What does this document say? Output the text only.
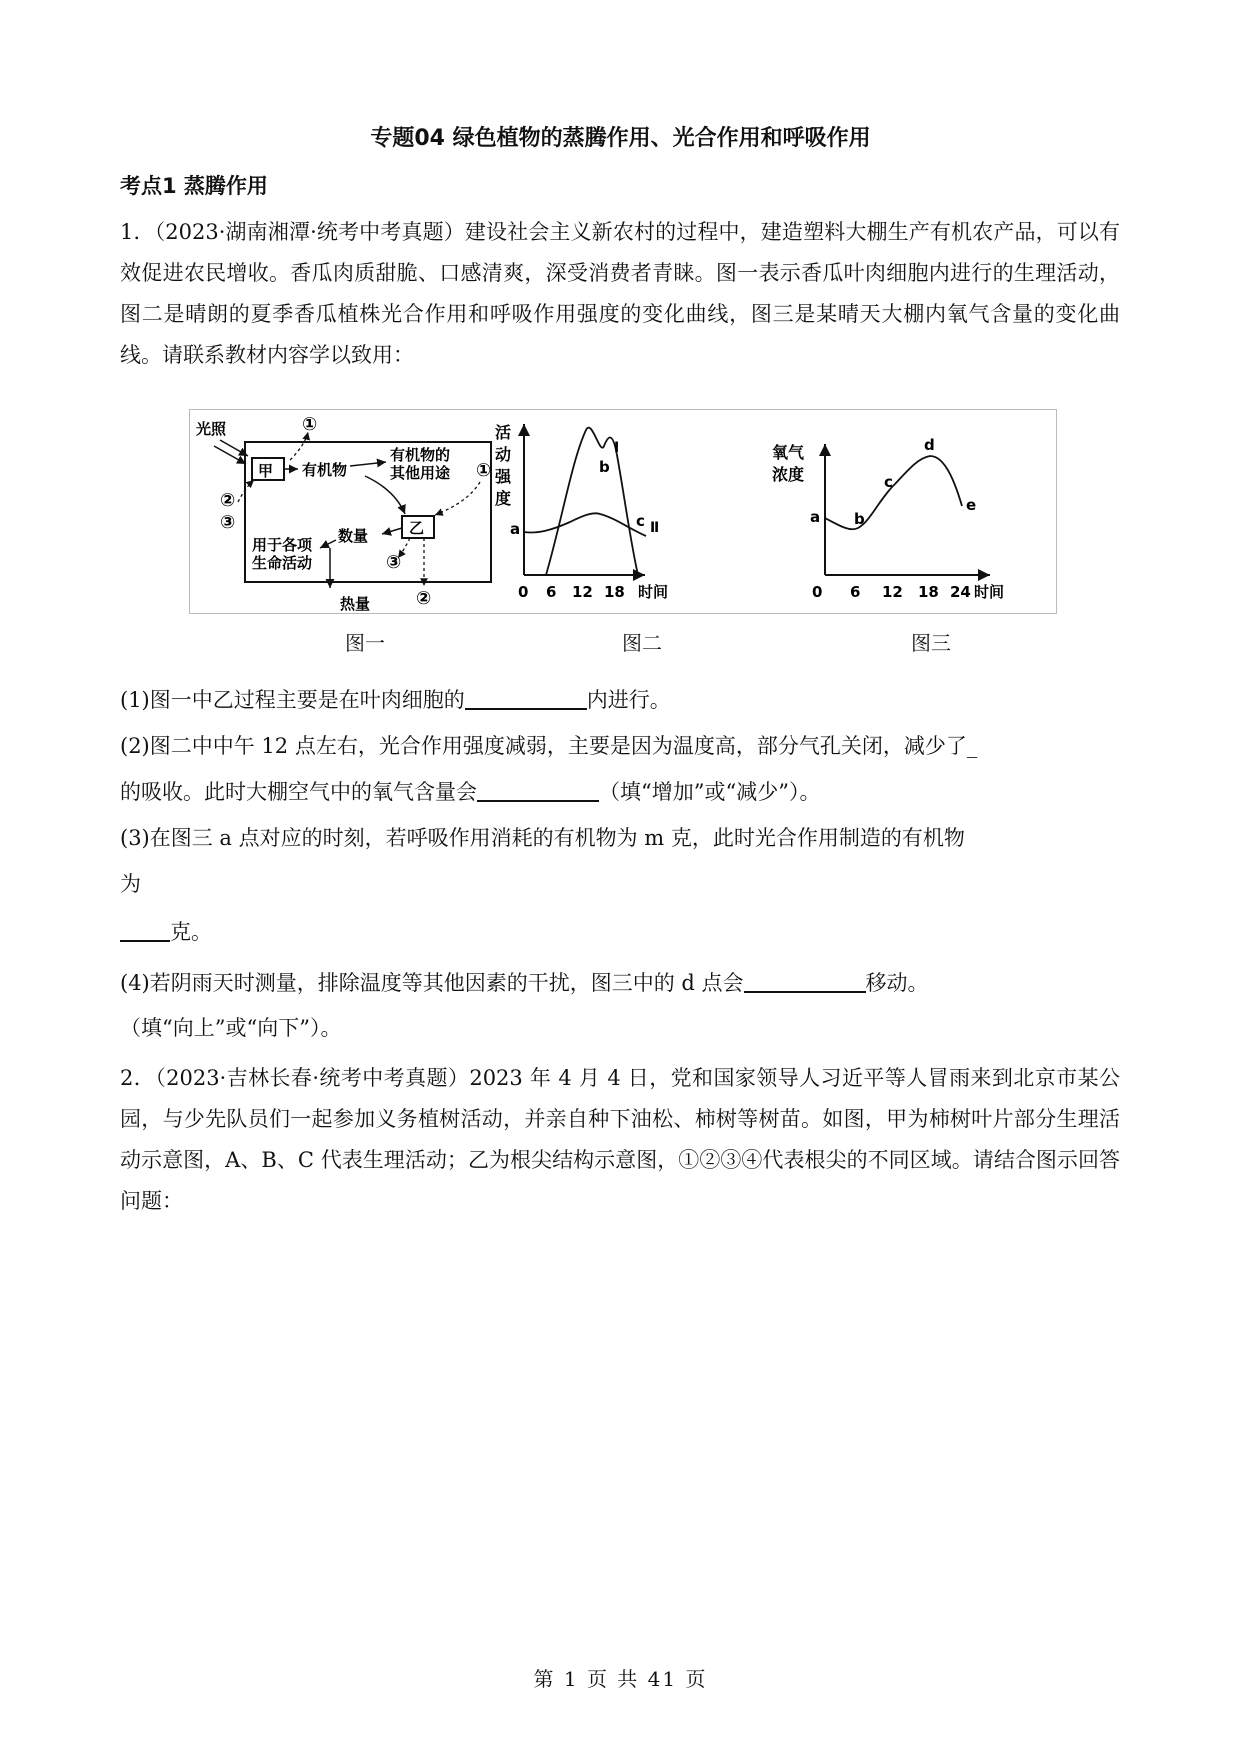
专题04 绿色植物的蒸腾作用、光合作用和呼吸作用
考点1 蒸腾作用

1．（2023·湖南湘潭·统考中考真题）建设社会主义新农村的过程中，建造塑料大棚生产有机农产品，可以有效促进农民增收。香瓜肉质甜脆、口感清爽，深受消费者青睐。图一表示香瓜叶肉细胞内进行的生理活动，图二是晴朗的夏季香瓜植株光合作用和呼吸作用强度的变化曲线，图三是某晴天大棚内氧气含量的变化曲线。请联系教材内容学以致用：

光照
甲
①
有机物
有机物的
其他用途 ①
乙
②
③
用于各项
生命活动
数量
热量
③
②
活
动
强
度
a
b
Ⅰ
c Ⅱ
0 6 12 18 时间
氧气
浓度
a b
c
d
e
0 6 12 18 24 时间
图一	图二	图三
(1)图一中乙过程主要是在叶肉细胞的	内进行。
(2)图二中中午 12 点左右，光合作用强度减弱，主要是因为温度高，部分气孔关闭，减少了_
的吸收。此时大棚空气中的氧气含量会	（填“增加”或“减少”）。
(3)在图三 a 点对应的时刻，若呼吸作用消耗的有机物为 m 克，此时光合作用制造的有机物
为
克。
(4)若阴雨天时测量，排除温度等其他因素的干扰，图三中的 d 点会	移动。
（填“向上”或“向下”）。

2．（2023·吉林长春·统考中考真题）2023 年 4 月 4 日，党和国家领导人习近平等人冒雨来到北京市某公园，与少先队员们一起参加义务植树活动，并亲自种下油松、柿树等树苗。如图，甲为柿树叶片部分生理活动示意图，A、B、C 代表生理活动；乙为根尖结构示意图，①②③④代表根尖的不同区域。请结合图示回答问题：

第 1 页 共 41 页
